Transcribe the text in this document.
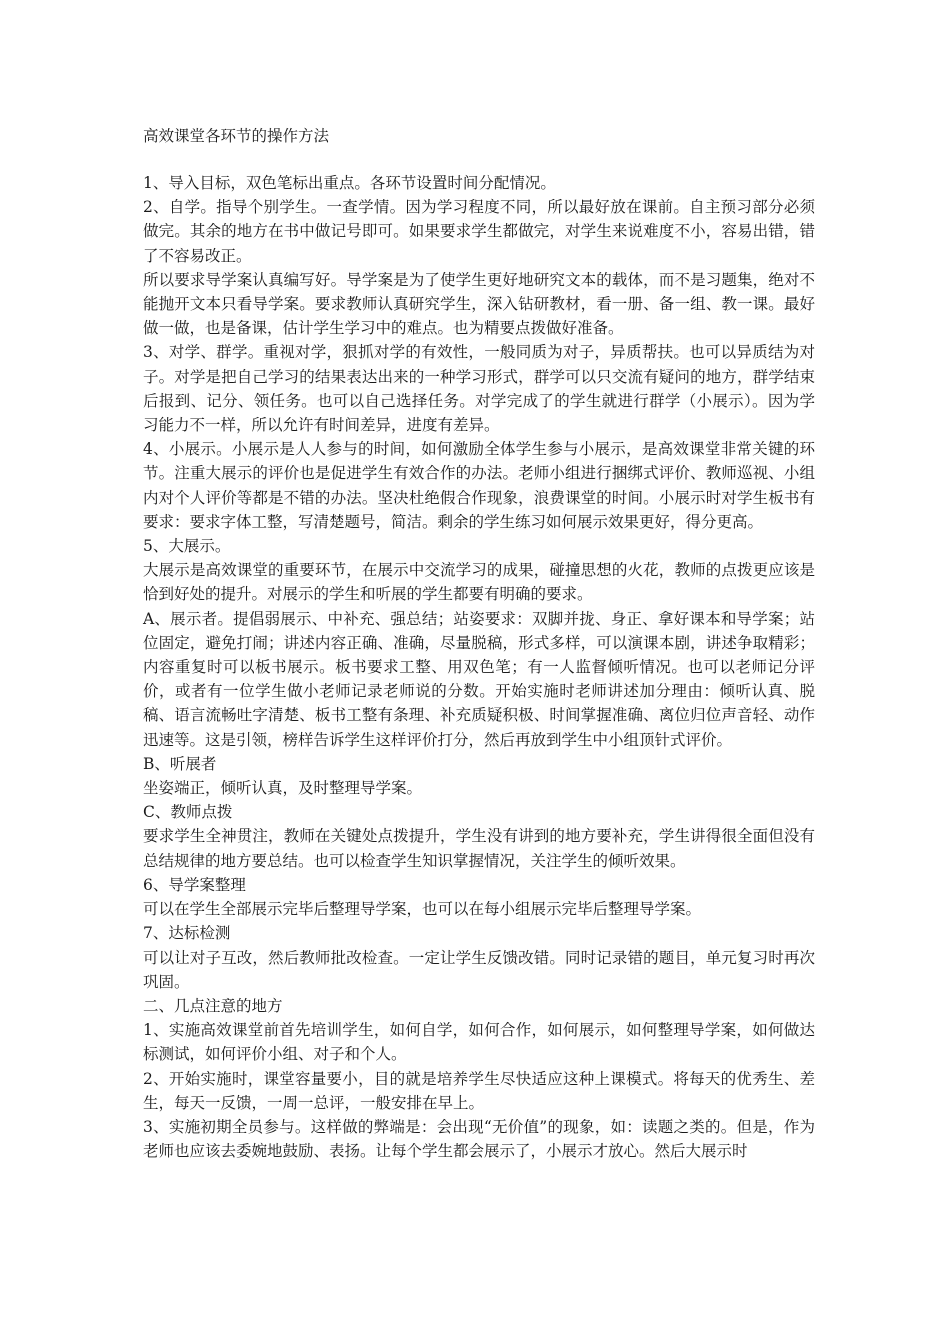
高效课堂各环节的操作方法

1、导入目标，双色笔标出重点。各环节设置时间分配情况。

2、自学。指导个别学生。一查学情。因为学习程度不同，所以最好放在课前。自主预习部分必须做完。其余的地方在书中做记号即可。如果要求学生都做完，对学生来说难度不小，容易出错，错了不容易改正。

所以要求导学案认真编写好。导学案是为了使学生更好地研究文本的载体，而不是习题集，绝对不能抛开文本只看导学案。要求教师认真研究学生，深入钻研教材，看一册、备一组、教一课。最好做一做，也是备课，估计学生学习中的难点。也为精要点拨做好准备。

3、对学、群学。重视对学，狠抓对学的有效性，一般同质为对子，异质帮扶。也可以异质结为对子。对学是把自己学习的结果表达出来的一种学习形式，群学可以只交流有疑问的地方，群学结束后报到、记分、领任务。也可以自己选择任务。对学完成了的学生就进行群学（小展示）。因为学习能力不一样，所以允许有时间差异，进度有差异。

4、小展示。小展示是人人参与的时间，如何激励全体学生参与小展示，是高效课堂非常关键的环节。注重大展示的评价也是促进学生有效合作的办法。老师小组进行捆绑式评价、教师巡视、小组内对个人评价等都是不错的办法。坚决杜绝假合作现象，浪费课堂的时间。小展示时对学生板书有要求：要求字体工整，写清楚题号，简洁。剩余的学生练习如何展示效果更好，得分更高。

5、大展示。

大展示是高效课堂的重要环节，在展示中交流学习的成果，碰撞思想的火花，教师的点拨更应该是恰到好处的提升。对展示的学生和听展的学生都要有明确的要求。

A、展示者。提倡弱展示、中补充、强总结；站姿要求：双脚并拢、身正、拿好课本和导学案；站位固定，避免打闹；讲述内容正确、准确，尽量脱稿，形式多样，可以演课本剧，讲述争取精彩；内容重复时可以板书展示。板书要求工整、用双色笔；有一人监督倾听情况。也可以老师记分评价，或者有一位学生做小老师记录老师说的分数。开始实施时老师讲述加分理由：倾听认真、脱稿、语言流畅吐字清楚、板书工整有条理、补充质疑积极、时间掌握准确、离位归位声音轻、动作迅速等。这是引领，榜样告诉学生这样评价打分，然后再放到学生中小组顶针式评价。

B、听展者

坐姿端正，倾听认真，及时整理导学案。

C、教师点拨

要求学生全神贯注，教师在关键处点拨提升，学生没有讲到的地方要补充，学生讲得很全面但没有总结规律的地方要总结。也可以检查学生知识掌握情况，关注学生的倾听效果。

6、导学案整理

可以在学生全部展示完毕后整理导学案，也可以在每小组展示完毕后整理导学案。

7、达标检测

可以让对子互改，然后教师批改检查。一定让学生反馈改错。同时记录错的题目，单元复习时再次巩固。

二、几点注意的地方

1、实施高效课堂前首先培训学生，如何自学，如何合作，如何展示，如何整理导学案，如何做达标测试，如何评价小组、对子和个人。

2、开始实施时，课堂容量要小，目的就是培养学生尽快适应这种上课模式。将每天的优秀生、差生，每天一反馈，一周一总评，一般安排在早上。

3、实施初期全员参与。这样做的弊端是：会出现“无价值”的现象，如：读题之类的。但是，作为老师也应该去委婉地鼓励、表扬。让每个学生都会展示了，小展示才放心。然后大展示时
